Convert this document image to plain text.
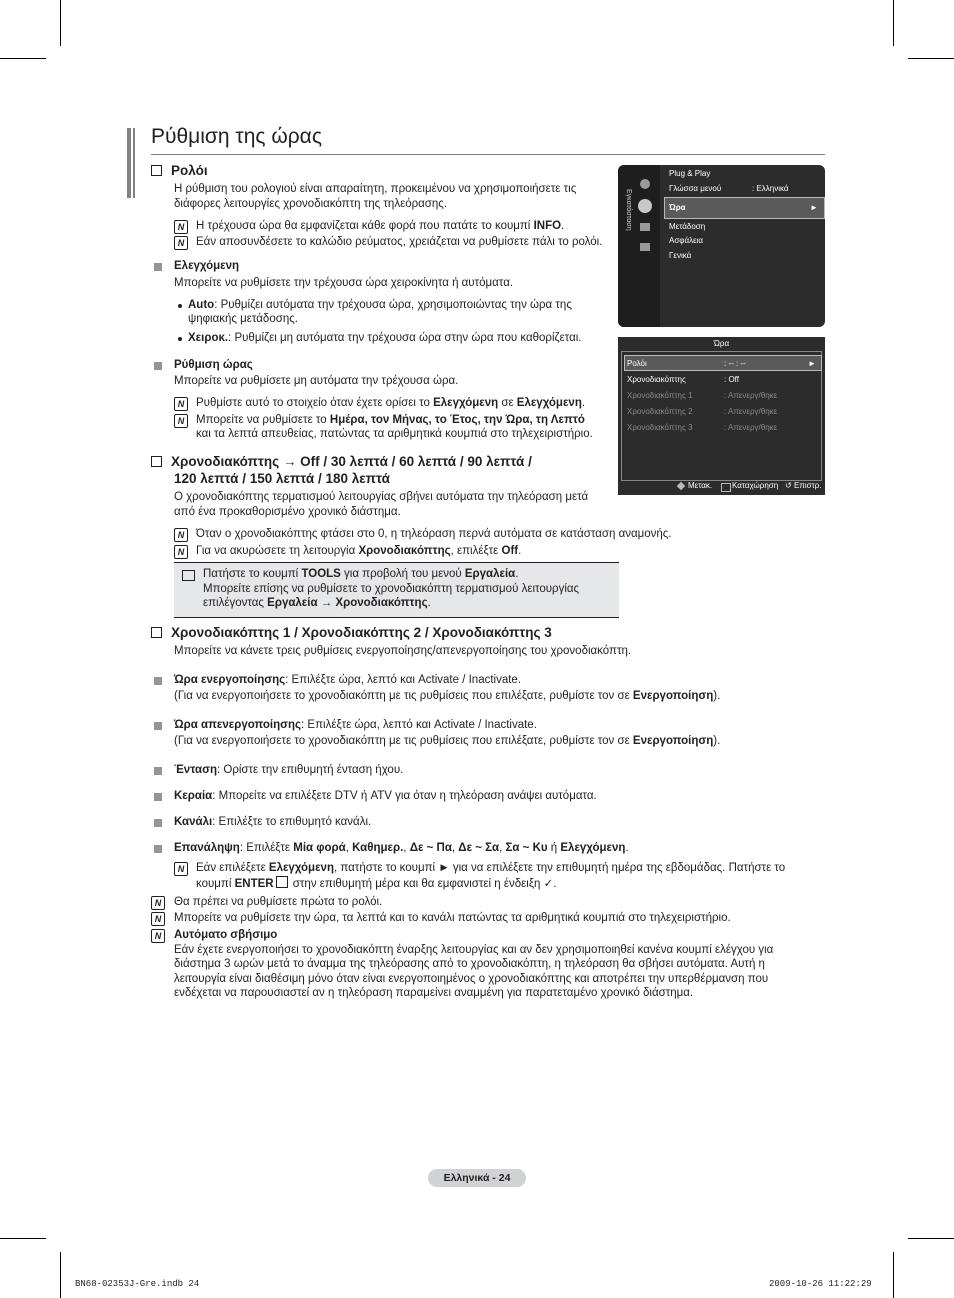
Ρύθμιση της ώρας
Ρολόι
Η ρύθμιση του ρολογιού είναι απαραίτητη, προκειμένου να χρησιμοποιήσετε τις
διάφορες λειτουργίες χρονοδιακόπτη της τηλεόρασης.
N	Η τρέχουσα ώρα θα εμφανίζεται κάθε φορά που πατάτε το κουμπί INFO.
N	Εάν αποσυνδέσετε το καλώδιο ρεύματος, χρειάζεται να ρυθμίσετε πάλι το ρολόι.
Ελεγχόμενη
Μπορείτε να ρυθμίσετε την τρέχουσα ώρα χειροκίνητα ή αυτόματα.
Auto: Ρυθμίζει αυτόματα την τρέχουσα ώρα, χρησιμοποιώντας την ώρα της
ψηφιακής μετάδοσης.
Χειροκ.: Ρυθμίζει μη αυτόματα την τρέχουσα ώρα στην ώρα που καθορίζεται.
Ρύθμιση ώρας
Μπορείτε να ρυθμίσετε μη αυτόματα την τρέχουσα ώρα.
N	Ρυθμίστε αυτό το στοιχείο όταν έχετε ορίσει το Ελεγχόμενη σε Ελεγχόμενη.
N	Μπορείτε να ρυθμίσετε το Ημέρα, τον Μήνας, το Έτος, την Ώρα, τη Λεπτό
και τα λεπτά απευθείας, πατώντας τα αριθμητικά κουμπιά στο τηλεχειριστήριο.
Χρονοδιακόπτης → Off / 30 λεπτά / 60 λεπτά / 90 λεπτά /
120 λεπτά / 150 λεπτά / 180 λεπτά
Ο χρονοδιακόπτης τερματισμού λειτουργίας σβήνει αυτόματα την τηλεόραση μετά
από ένα προκαθορισμένο χρονικό διάστημα.
N	Όταν ο χρονοδιακόπτης φτάσει στο 0, η τηλεόραση περνά αυτόματα σε κατάσταση αναμονής.
N	Για να ακυρώσετε τη λειτουργία Χρονοδιακόπτης, επιλέξτε Off.
Πατήστε το κουμπί TOOLS για προβολή του μενού Εργαλεία.
Μπορείτε επίσης να ρυθμίσετε το χρονοδιακόπτη τερματισμού λειτουργίας
επιλέγοντας Εργαλεία → Χρονοδιακόπτης.
Χρονοδιακόπτης 1 / Χρονοδιακόπτης 2 / Χρονοδιακόπτης 3
Μπορείτε να κάνετε τρεις ρυθμίσεις ενεργοποίησης/απενεργοποίησης του χρονοδιακόπτη.
Ώρα ενεργοποίησης: Επιλέξτε ώρα, λεπτό και Activate / Inactivate.
(Για να ενεργοποιήσετε το χρονοδιακόπτη με τις ρυθμίσεις που επιλέξατε, ρυθμίστε τον σε Ενεργοποίηση).
Ώρα απενεργοποίησης: Επιλέξτε ώρα, λεπτό και Activate / Inactivate.
(Για να ενεργοποιήσετε το χρονοδιακόπτη με τις ρυθμίσεις που επιλέξατε, ρυθμίστε τον σε Ενεργοποίηση).
Ένταση: Ορίστε την επιθυμητή ένταση ήχου.
Κεραία: Μπορείτε να επιλέξετε DTV ή ATV για όταν η τηλεόραση ανάψει αυτόματα.
Κανάλι: Επιλέξτε το επιθυμητό κανάλι.
Επανάληψη: Επιλέξτε Μία φορά, Καθημερ., Δε ~ Πα, Δε ~ Σα, Σα ~ Κυ ή Ελεγχόμενη.
N	Εάν επιλέξετε Ελεγχόμενη, πατήστε το κουμπί ► για να επιλέξετε την επιθυμητή ημέρα της εβδομάδας. Πατήστε το
κουμπί ENTER στην επιθυμητή μέρα και θα εμφανιστεί η ένδειξη ✓.
N	Θα πρέπει να ρυθμίσετε πρώτα το ρολόι.
N	Μπορείτε να ρυθμίσετε την ώρα, τα λεπτά και το κανάλι πατώντας τα αριθμητικά κουμπιά στο τηλεχειριστήριο.
N	Αυτόματο σβήσιμο
Εάν έχετε ενεργοποιήσει το χρονοδιακόπτη έναρξης λειτουργίας και αν δεν χρησιμοποιηθεί κανένα κουμπί ελέγχου για
διάστημα 3 ωρών μετά το άναμμα της τηλεόρασης από το χρονοδιακόπτη, η τηλεόραση θα σβήσει αυτόματα. Αυτή η
λειτουργία είναι διαθέσιμη μόνο όταν είναι ενεργοποιημένος ο χρονοδιακόπτης και αποτρέπει την υπερθέρμανση που
ενδέχεται να παρουσιαστεί αν η τηλεόραση παραμείνει αναμμένη για παρατεταμένο χρονικό διάστημα.
Εγκατάσταση
Plug & Play
Γλώσσα μενού	: Ελληνικά
Ώρα	►
Μετάδοση
Ασφάλεια
Γενικά
Ώρα
Ρολόι	: -- : --	►
Χρονοδιακόπτης	: Off
Χρονοδιακόπτης 1	: Απενεργ/θηκε
Χρονοδιακόπτης 2	: Απενεργ/θηκε
Χρονοδιακόπτης 3	: Απενεργ/θηκε
Μετακ. Καταχώρηση ↺ Επιστρ.
Ελληνικά - 24
BN68-02353J-Gre.indb 24	2009-10-26 11:22:29
